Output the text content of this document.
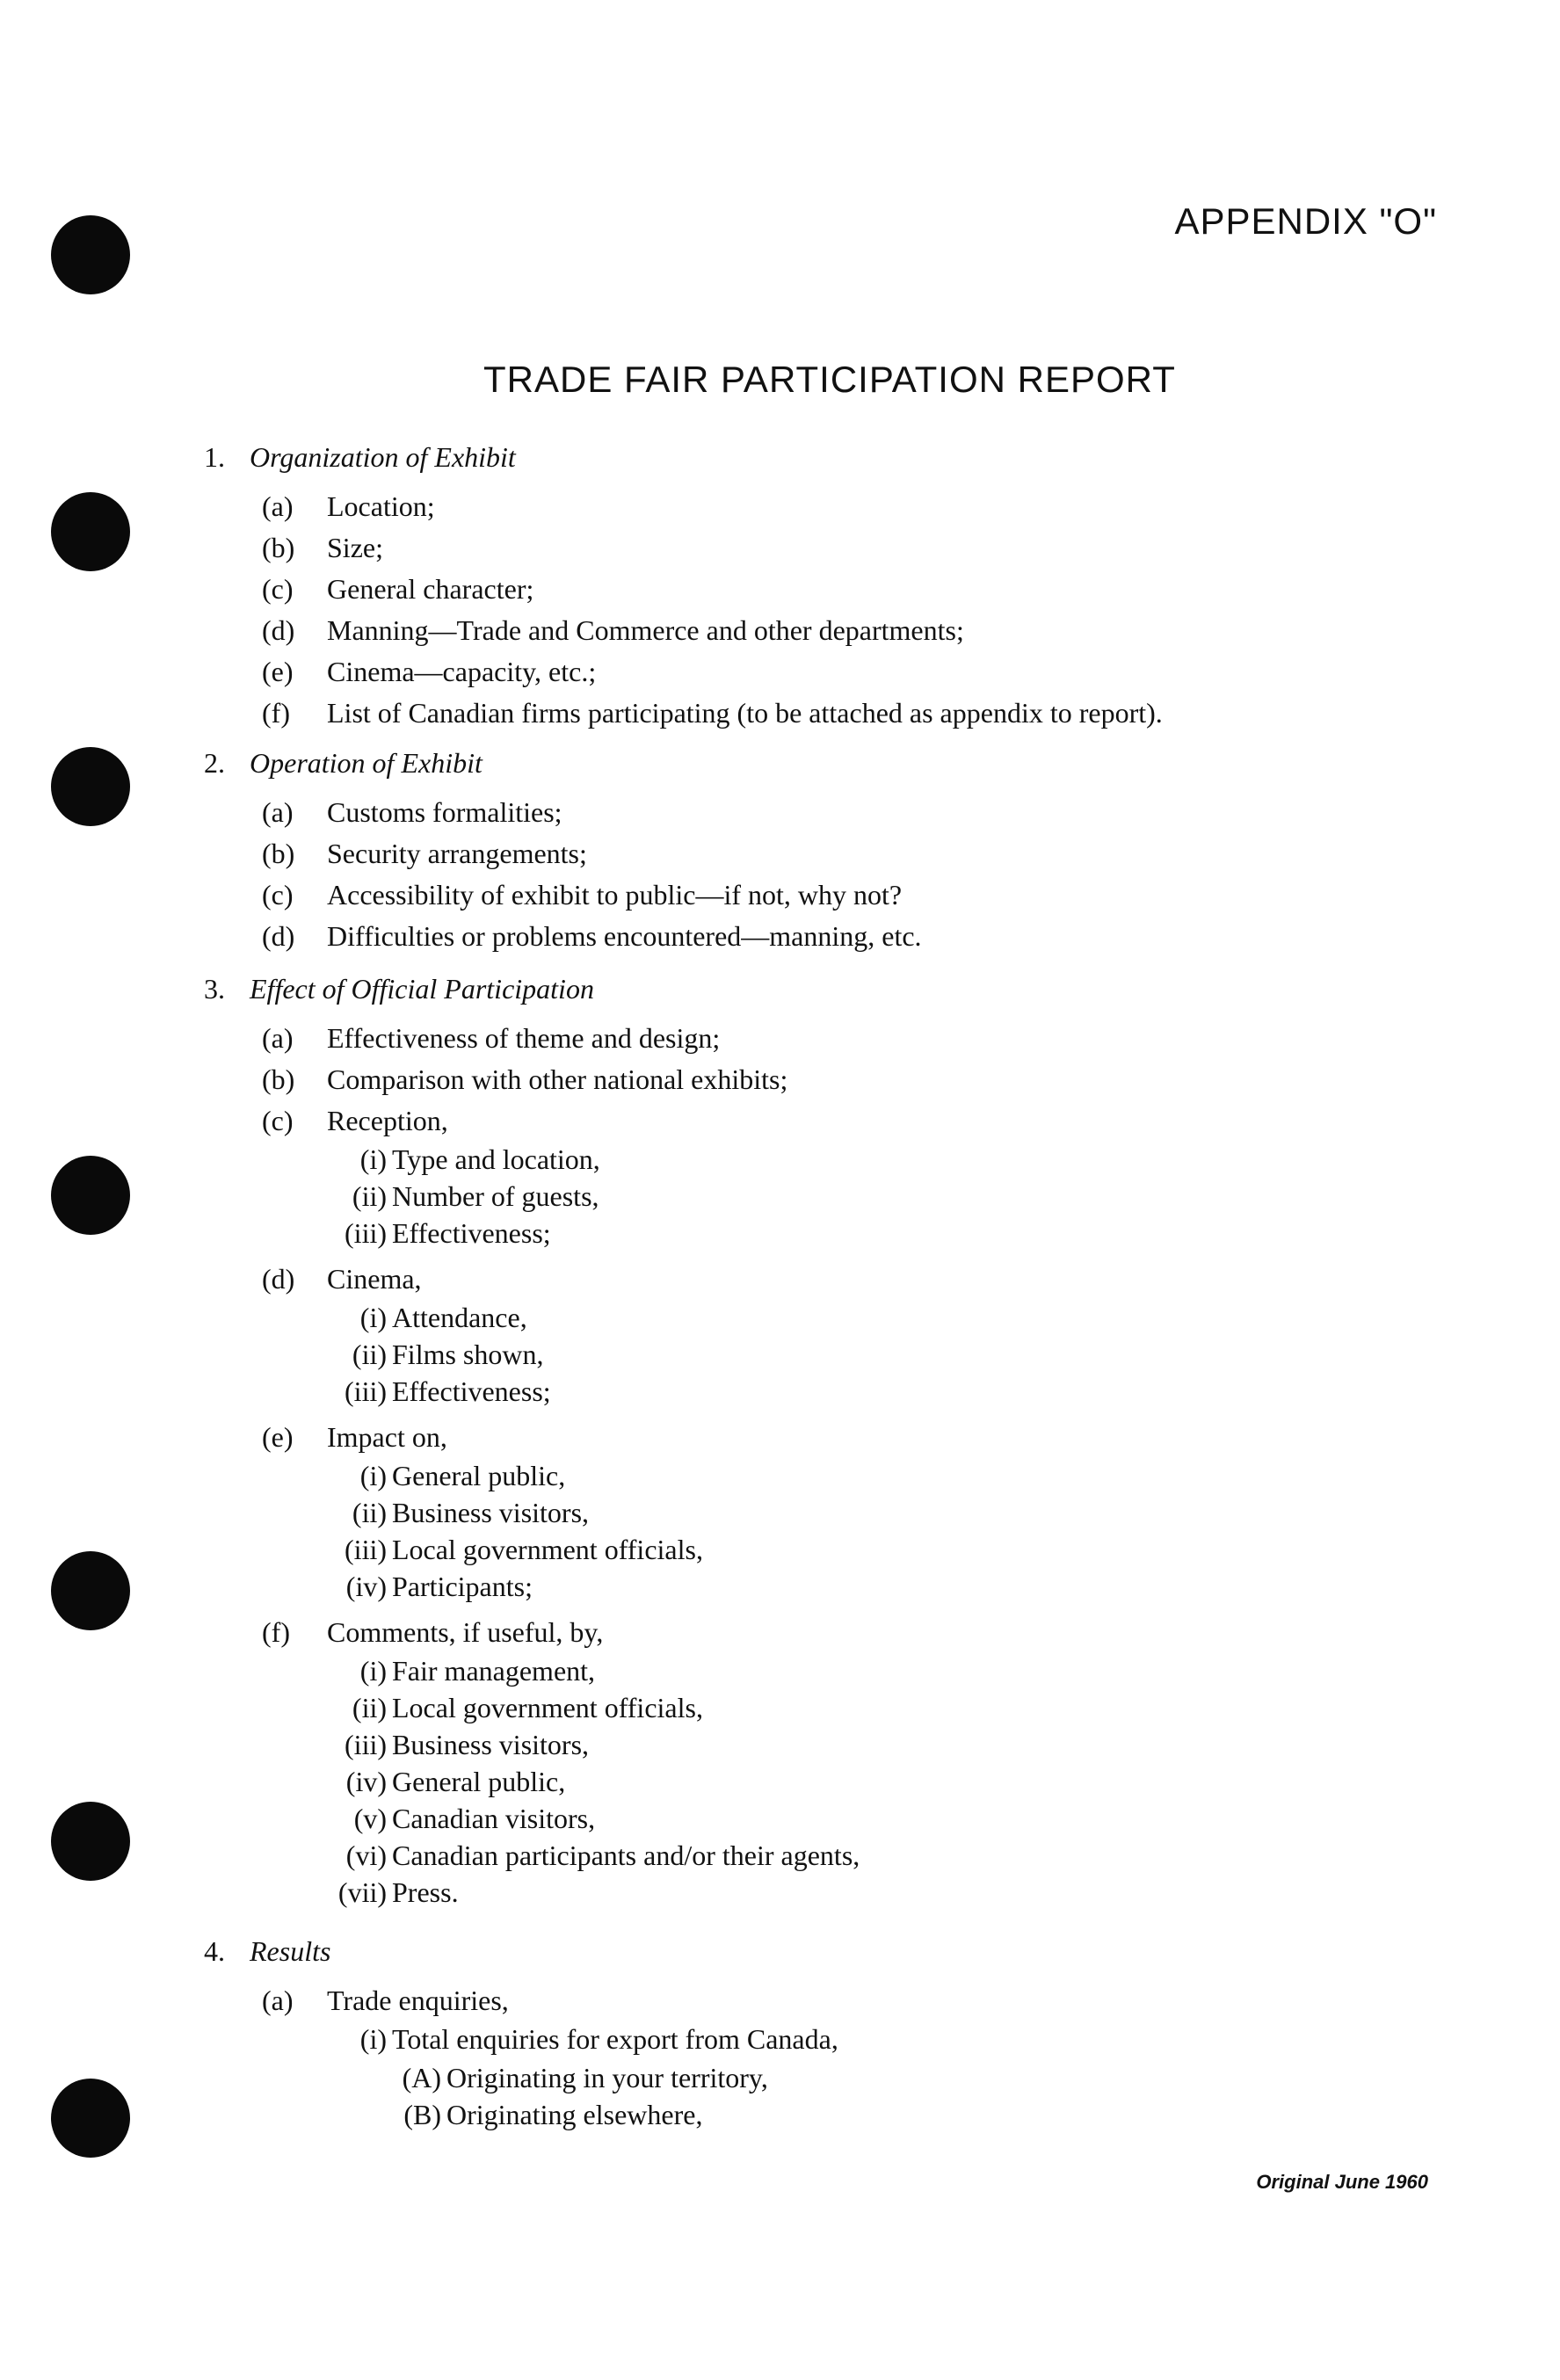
APPENDIX "O"
TRADE FAIR PARTICIPATION REPORT
1. Organization of Exhibit
(a) Location;
(b) Size;
(c) General character;
(d) Manning—Trade and Commerce and other departments;
(e) Cinema—capacity, etc.;
(f) List of Canadian firms participating (to be attached as appendix to report).
2. Operation of Exhibit
(a) Customs formalities;
(b) Security arrangements;
(c) Accessibility of exhibit to public—if not, why not?
(d) Difficulties or problems encountered—manning, etc.
3. Effect of Official Participation
(a) Effectiveness of theme and design;
(b) Comparison with other national exhibits;
(c) Reception,
(i) Type and location,
(ii) Number of guests,
(iii) Effectiveness;
(d) Cinema,
(i) Attendance,
(ii) Films shown,
(iii) Effectiveness;
(e) Impact on,
(i) General public,
(ii) Business visitors,
(iii) Local government officials,
(iv) Participants;
(f) Comments, if useful, by,
(i) Fair management,
(ii) Local government officials,
(iii) Business visitors,
(iv) General public,
(v) Canadian visitors,
(vi) Canadian participants and/or their agents,
(vii) Press.
4. Results
(a) Trade enquiries,
(i) Total enquiries for export from Canada,
(A) Originating in your territory,
(B) Originating elsewhere,
Original June 1960
